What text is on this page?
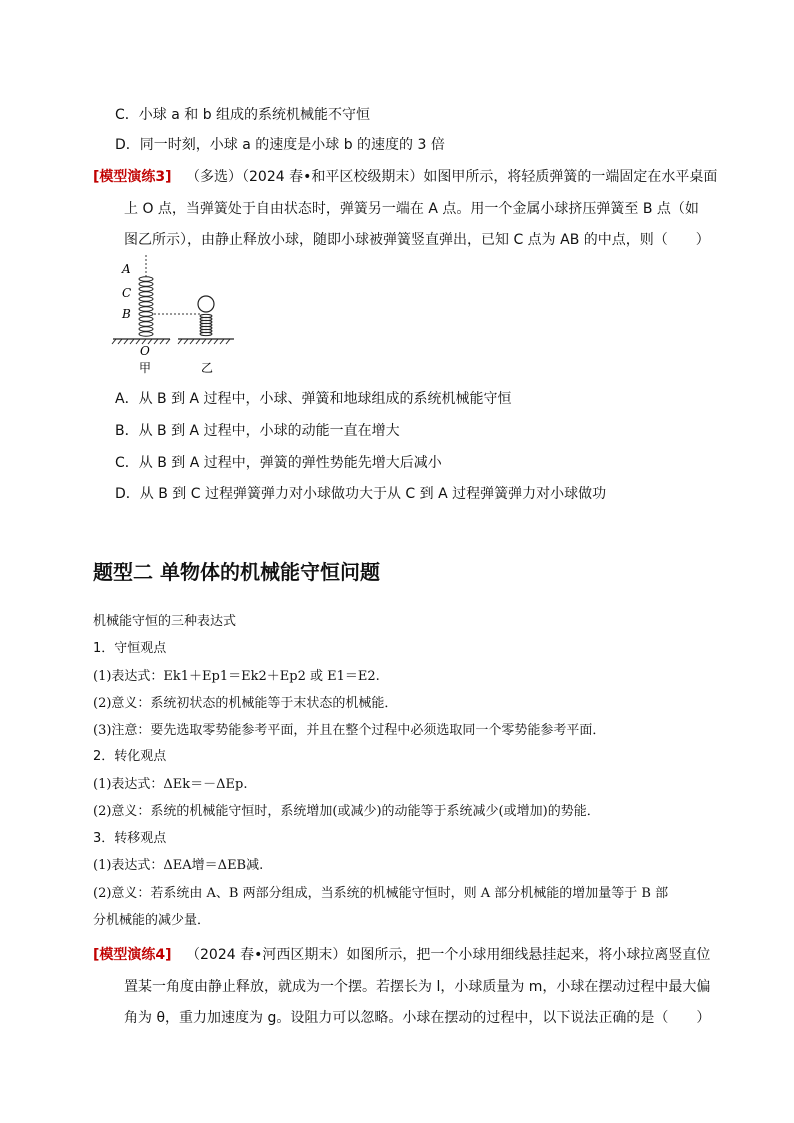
C．小球 a 和 b 组成的系统机械能不守恒
D．同一时刻，小球 a 的速度是小球 b 的速度的 3 倍
[模型演练3] （多选）（2024 春•和平区校级期末）如图甲所示，将轻质弹簧的一端固定在水平桌面
上 O 点，当弹簧处于自由状态时，弹簧另一端在 A 点。用一个金属小球挤压弹簧至 B 点（如
图乙所示），由静止释放小球，随即小球被弹簧竖直弹出，已知 C 点为 AB 的中点，则（　　）
A
C
B
O
甲	乙
A．从 B 到 A 过程中，小球、弹簧和地球组成的系统机械能守恒
B．从 B 到 A 过程中，小球的动能一直在增大
C．从 B 到 A 过程中，弹簧的弹性势能先增大后减小
D．从 B 到 C 过程弹簧弹力对小球做功大于从 C 到 A 过程弹簧弹力对小球做功
题型二 单物体的机械能守恒问题
机械能守恒的三种表达式
1．守恒观点
(1)表达式：Ek1＋Ep1＝Ek2＋Ep2 或 E1＝E2.
(2)意义：系统初状态的机械能等于末状态的机械能．
(3)注意：要先选取零势能参考平面，并且在整个过程中必须选取同一个零势能参考平面．
2．转化观点
(1)表达式：ΔEk＝－ΔEp.
(2)意义：系统的机械能守恒时，系统增加(或减少)的动能等于系统减少(或增加)的势能．
3．转移观点
(1)表达式：ΔEA增＝ΔEB减.
(2)意义：若系统由 A、B 两部分组成，当系统的机械能守恒时，则 A 部分机械能的增加量等于 B 部
分机械能的减少量．
[模型演练4] （2024 春•河西区期末）如图所示，把一个小球用细线悬挂起来，将小球拉离竖直位
置某一角度由静止释放，就成为一个摆。若摆长为 l，小球质量为 m，小球在摆动过程中最大偏
角为 θ，重力加速度为 g。设阻力可以忽略。小球在摆动的过程中，以下说法正确的是（　　）
